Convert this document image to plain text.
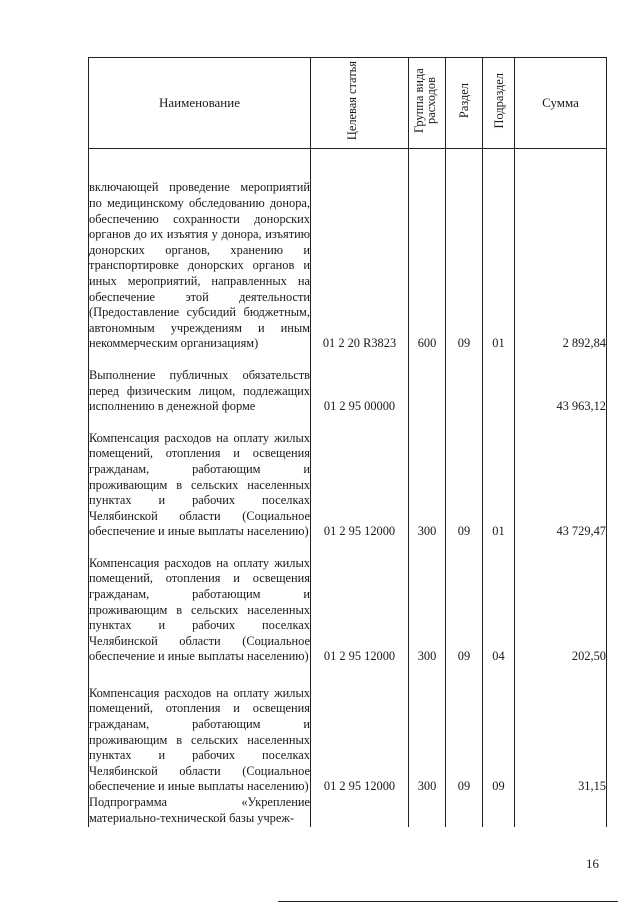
Наименование	Целевая статья	Группа вида расходов	Раздел	Подраздел	Сумма
включающей проведение мероприятий по медицинскому обследованию донора, обеспечению сохранности донорских органов до их изъятия у донора, изъятию донорских органов, хранению и транспортировке донорских органов и иных мероприятий, направленных на обеспечение этой деятельности (Предоставление субсидий бюджетным, автономным учреждениям и иным некоммерческим организациям)	01 2 20 R3823	600	09	01	2 892,84
Выполнение публичных обязательств перед физическим лицом, подлежащих исполнению в денежной форме	01 2 95 00000				43 963,12
Компенсация расходов на оплату жилых помещений, отопления и освещения гражданам, работающим и проживающим в сельских населенных пунктах и рабочих поселках Челябинской области (Социальное обеспечение и иные выплаты населению)	01 2 95 12000	300	09	01	43 729,47
Компенсация расходов на оплату жилых помещений, отопления и освещения гражданам, работающим и проживающим в сельских населенных пунктах и рабочих поселках Челябинской области (Социальное обеспечение и иные выплаты населению)	01 2 95 12000	300	09	04	202,50
Компенсация расходов на оплату жилых помещений, отопления и освещения гражданам, работающим и проживающим в сельских населенных пунктах и рабочих поселках Челябинской области (Социальное обеспечение и иные выплаты населению)	01 2 95 12000	300	09	09	31,15
Подпрограмма «Укрепление материально-технической базы учреж-					
16
